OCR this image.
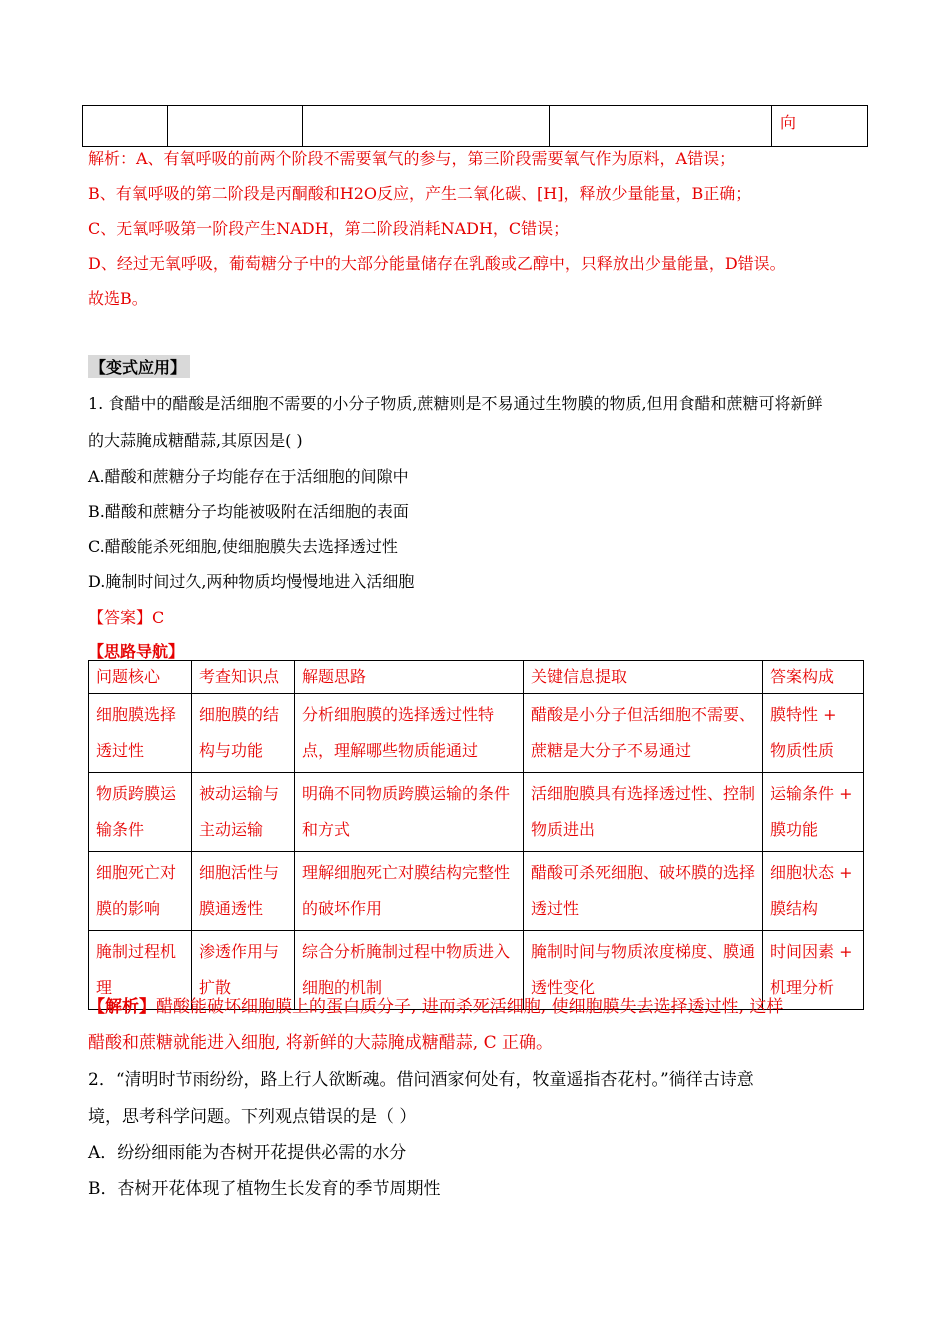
				向
解析：A、有氧呼吸的前两个阶段不需要氧气的参与，第三阶段需要氧气作为原料，A错误；
B、有氧呼吸的第二阶段是丙酮酸和H2O反应，产生二氧化碳、[H]，释放少量能量，B正确；
C、无氧呼吸第一阶段产生NADH，第二阶段消耗NADH，C错误；
D、经过无氧呼吸，葡萄糖分子中的大部分能量储存在乳酸或乙醇中，只释放出少量能量，D错误。
故选B。
【变式应用】
1. 食醋中的醋酸是活细胞不需要的小分子物质,蔗糖则是不易通过生物膜的物质,但用食醋和蔗糖可将新鲜
的大蒜腌成糖醋蒜,其原因是( )
A.醋酸和蔗糖分子均能存在于活细胞的间隙中
B.醋酸和蔗糖分子均能被吸附在活细胞的表面
C.醋酸能杀死细胞,使细胞膜失去选择透过性
D.腌制时间过久,两种物质均慢慢地进入活细胞
【答案】C
【思路导航】
问题核心	考查知识点	解题思路	关键信息提取	答案构成
细胞膜选择透过性	细胞膜的结构与功能	分析细胞膜的选择透过性特点，理解哪些物质能通过	醋酸是小分子但活细胞不需要、蔗糖是大分子不易通过	膜特性 + 物质性质
物质跨膜运输条件	被动运输与主动运输	明确不同物质跨膜运输的条件和方式	活细胞膜具有选择透过性、控制物质进出	运输条件 + 膜功能
细胞死亡对膜的影响	细胞活性与膜通透性	理解细胞死亡对膜结构完整性的破坏作用	醋酸可杀死细胞、破坏膜的选择透过性	细胞状态 + 膜结构
腌制过程机理	渗透作用与扩散	综合分析腌制过程中物质进入细胞的机制	腌制时间与物质浓度梯度、膜通透性变化	时间因素 + 机理分析
【解析】醋酸能破坏细胞膜上的蛋白质分子, 进而杀死活细胞, 使细胞膜失去选择透过性, 这样
醋酸和蔗糖就能进入细胞, 将新鲜的大蒜腌成糖醋蒜, C 正确。
2．“清明时节雨纷纷，路上行人欲断魂。借问酒家何处有，牧童遥指杏花村。”徜徉古诗意
境，思考科学问题。下列观点错误的是（ ）
A．纷纷细雨能为杏树开花提供必需的水分
B．杏树开花体现了植物生长发育的季节周期性
